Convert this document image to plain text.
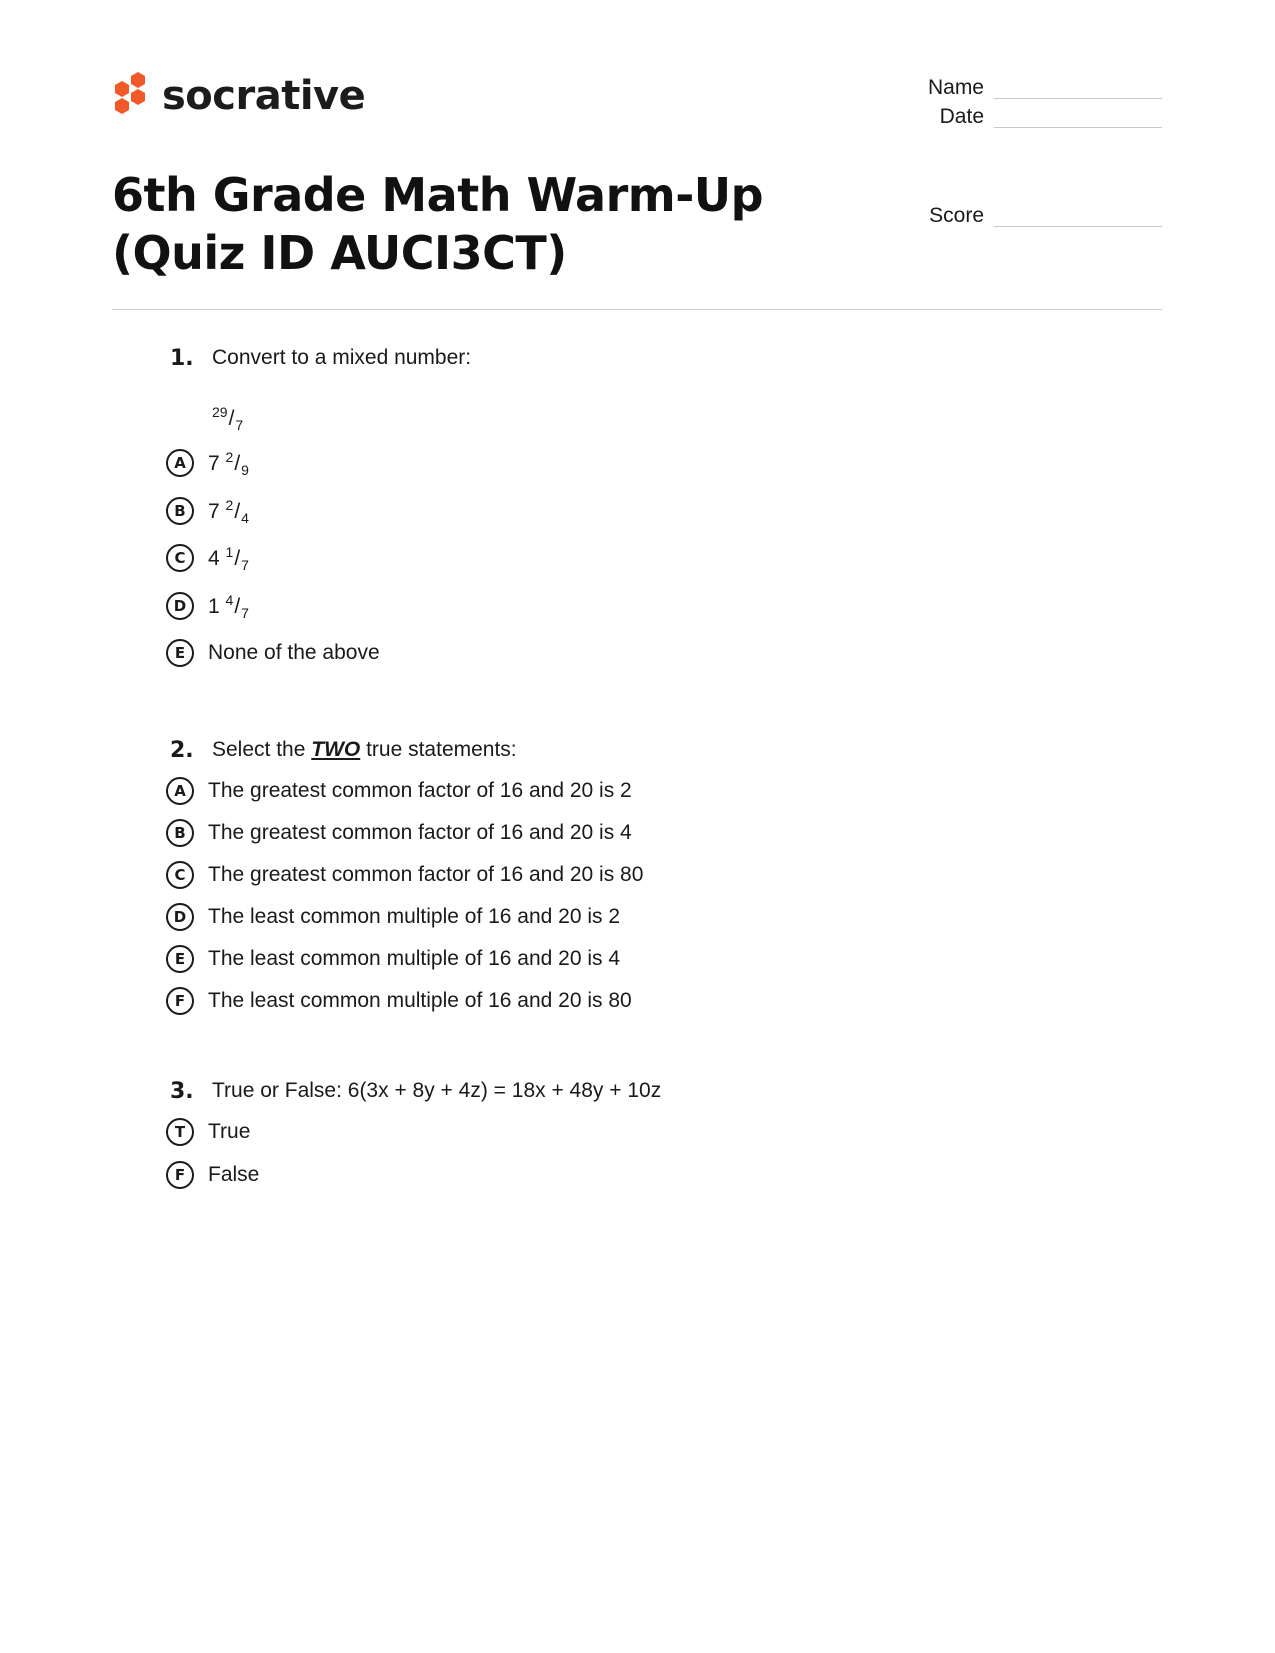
socrative	Name
Date
Score
6th Grade Math Warm-Up (Quiz ID AUCI3CT)
1. Convert to a mixed number:
$^{29}/_7$
A	7 $^2/_9$
B	7 $^2/_4$
C	4 $^1/_7$
D	1 $^4/_7$
E	None of the above
2. Select the TWO true statements:
A	The greatest common factor of 16 and 20 is 2
B	The greatest common factor of 16 and 20 is 4
C	The greatest common factor of 16 and 20 is 80
D	The least common multiple of 16 and 20 is 2
E	The least common multiple of 16 and 20 is 4
F	The least common multiple of 16 and 20 is 80
3. True or False: 6(3x + 8y + 4z) = 18x + 48y + 10z
T	True
F	False
